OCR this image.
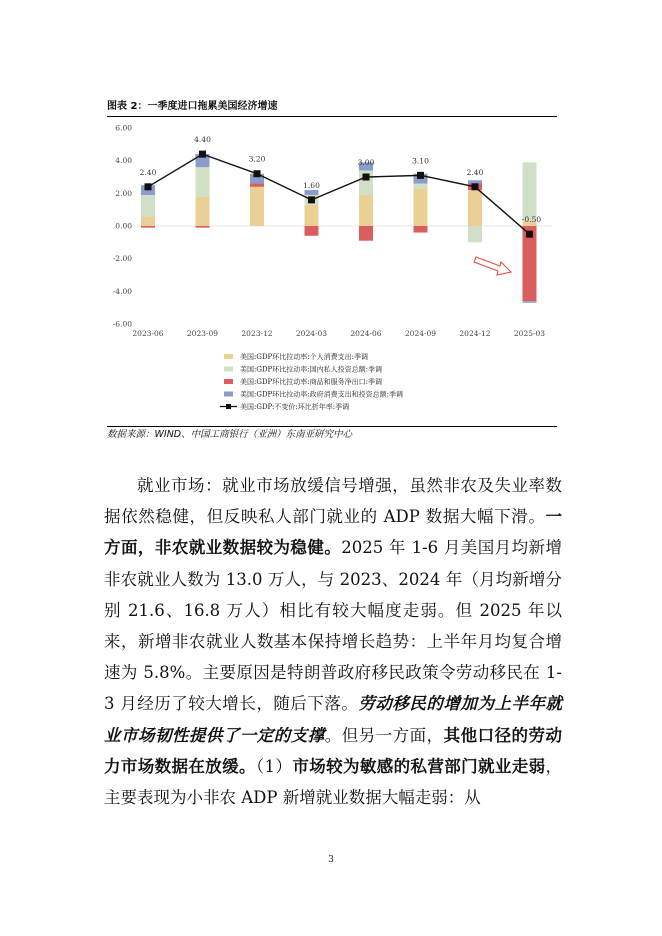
图表 2：一季度进口拖累美国经济增速
6.00
4.00
2.00
0.00
-2.00
-4.00
-6.00
2023-06	2023-09	2023-12	2024-03	2024-06	2024-09	2024-12	2025-03
2.40
4.40
3.20
1.60
3.00	3.10
2.40
-0.50
美国:GDP环比拉动率:个人消费支出:季调
美国:GDP环比拉动率:国内私人投资总额:季调
美国:GDP环比拉动率:商品和服务净出口:季调
美国:GDP环比拉动率:政府消费支出和投资总额:季调
美国:GDP:不变价:环比折年率:季调
数据来源：WIND、中国工商银行（亚洲）东南亚研究中心

就业市场：就业市场放缓信号增强，虽然非农及失业率数据依然稳健，但反映私人部门就业的 ADP 数据大幅下滑。一方面，非农就业数据较为稳健。2025 年 1-6 月美国月均新增非农就业人数为 13.0 万人，与 2023、2024 年（月均新增分别 21.6、16.8 万人）相比有较大幅度走弱。但 2025 年以来，新增非农就业人数基本保持增长趋势：上半年月均复合增速为 5.8%。主要原因是特朗普政府移民政策令劳动移民在 1-3 月经历了较大增长，随后下落。劳动移民的增加为上半年就业市场韧性提供了一定的支撑。但另一方面，其他口径的劳动力市场数据在放缓。（1）市场较为敏感的私营部门就业走弱，主要表现为小非农 ADP 新增就业数据大幅走弱：从

3
